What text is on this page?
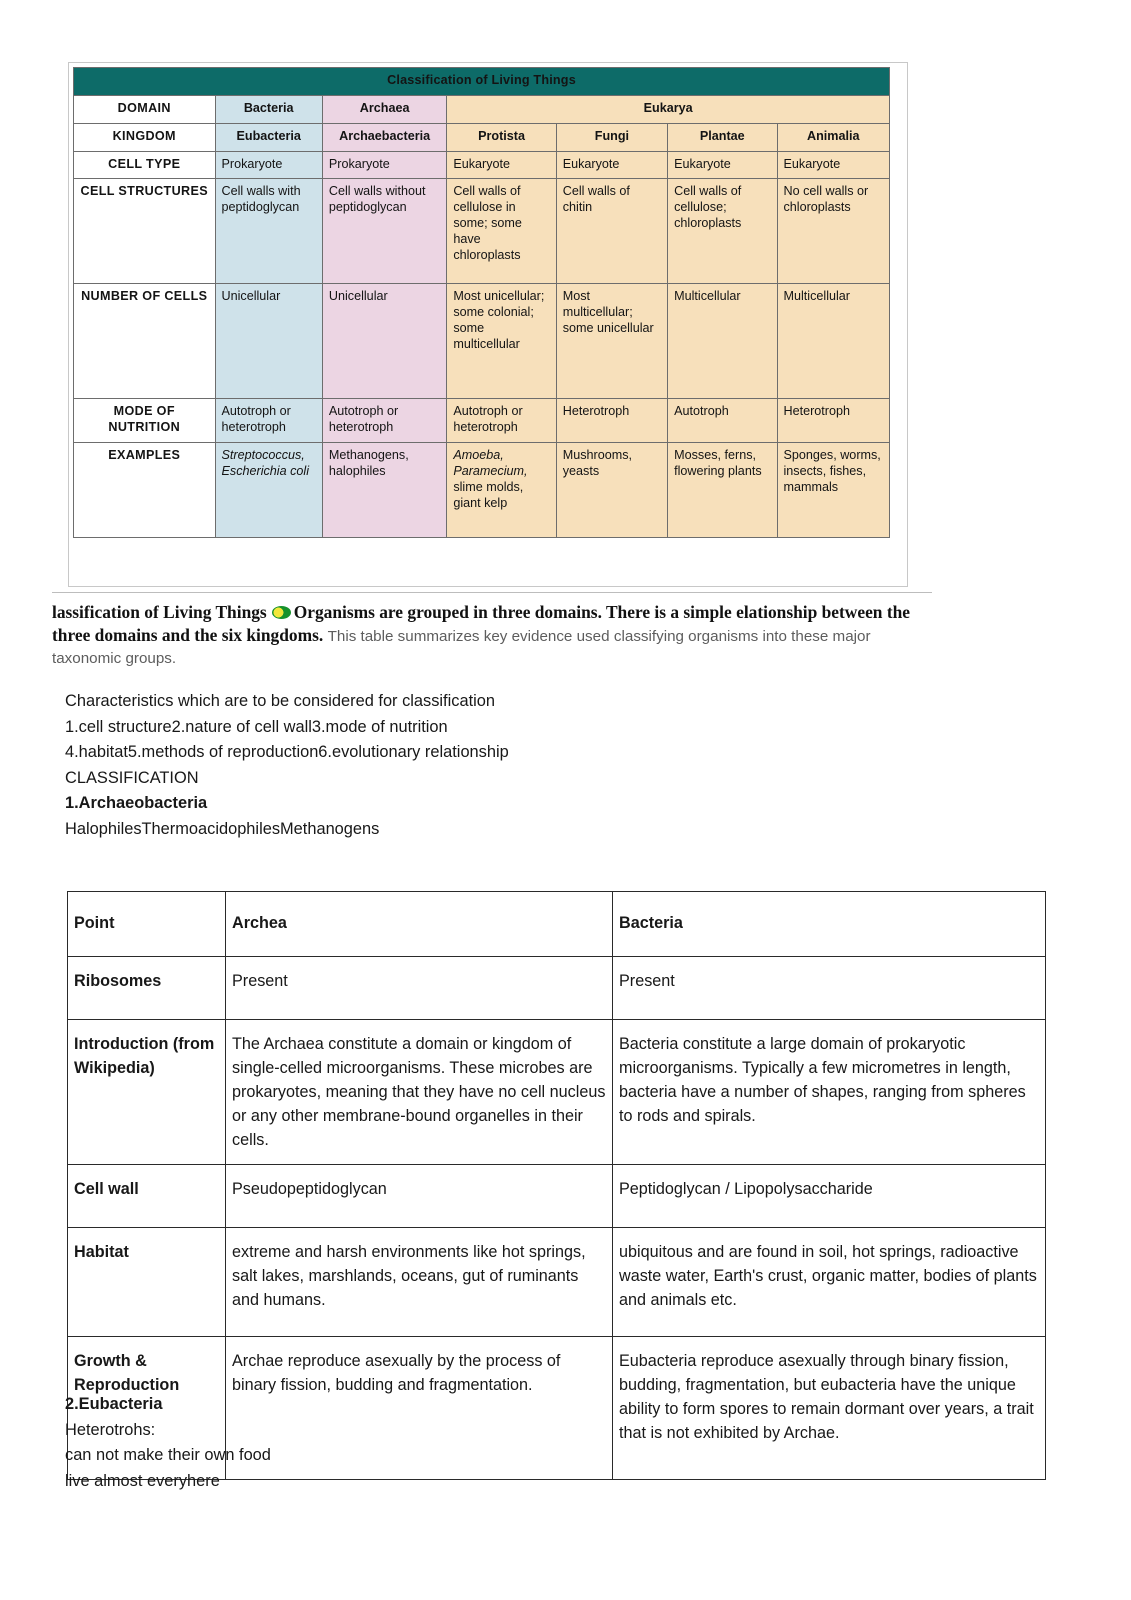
Classification of Living Things						
DOMAIN	Bacteria	Archaea	Eukarya			
KINGDOM	Eubacteria	Archaebacteria	Protista	Fungi	Plantae	Animalia
CELL TYPE	Prokaryote	Prokaryote	Eukaryote	Eukaryote	Eukaryote	Eukaryote
CELL STRUCTURES	Cell walls with peptidoglycan	Cell walls without peptidoglycan	Cell walls of cellulose in some; some have chloroplasts	Cell walls of chitin	Cell walls of cellulose; chloroplasts	No cell walls or chloroplasts
NUMBER OF CELLS	Unicellular	Unicellular	Most unicellular; some colonial; some multicellular	Most multicellular; some unicellular	Multicellular	Multicellular
MODE OF NUTRITION	Autotroph or heterotroph	Autotroph or heterotroph	Autotroph or heterotroph	Heterotroph	Autotroph	Heterotroph
EXAMPLES	Streptococcus, Escherichia coli	Methanogens, halophiles	Amoeba, Paramecium, slime molds, giant kelp	Mushrooms, yeasts	Mosses, ferns, flowering plants	Sponges, worms, insects, fishes, mammals
lassification of Living Things Organisms are grouped in three domains. There is a simple elationship between the three domains and the six kingdoms. This table summarizes key evidence used classifying organisms into these major taxonomic groups.
Characteristics which are to be considered for classification
1.cell structure2.nature of cell wall3.mode of nutrition
4.habitat5.methods of reproduction6.evolutionary relationship
CLASSIFICATION
1.Archaeobacteria
HalophilesThermoacidophilesMethanogens
Point	Archea	Bacteria
Ribosomes	Present	Present
Introduction (from Wikipedia)	The Archaea constitute a domain or kingdom of single-celled microorganisms. These microbes are prokaryotes, meaning that they have no cell nucleus or any other membrane-bound organelles in their cells.	Bacteria constitute a large domain of prokaryotic microorganisms. Typically a few micrometres in length, bacteria have a number of shapes, ranging from spheres to rods and spirals.
Cell wall	Pseudopeptidoglycan	Peptidoglycan / Lipopolysaccharide
Habitat	extreme and harsh environments like hot springs, salt lakes, marshlands, oceans, gut of ruminants and humans.	ubiquitous and are found in soil, hot springs, radioactive waste water, Earth's crust, organic matter, bodies of plants and animals etc.
Growth & Reproduction	Archae reproduce asexually by the process of binary fission, budding and fragmentation.	Eubacteria reproduce asexually through binary fission, budding, fragmentation, but eubacteria have the unique ability to form spores to remain dormant over years, a trait that is not exhibited by Archae.
2.Eubacteria
Heterotrohs:
can not make their own food
live almost everyhere
